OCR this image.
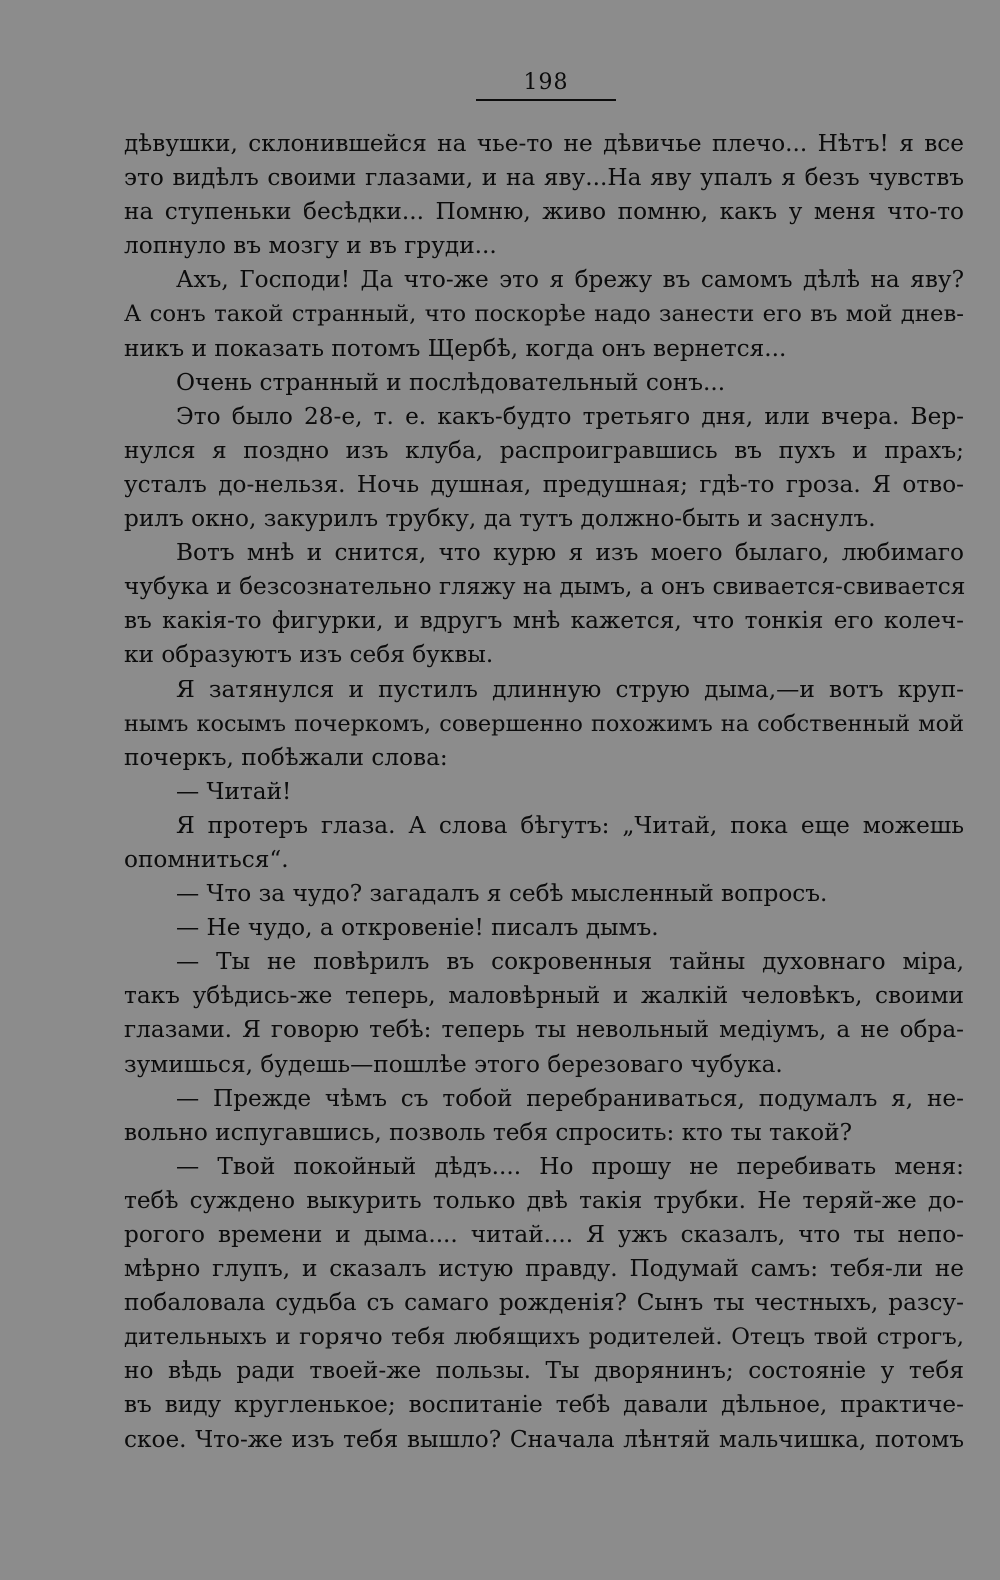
198
дѣвушки, склонившейся на чье-то не дѣвичье плечо... Нѣтъ! я все
это видѣлъ своими глазами, и на яву...На яву упалъ я безъ чувствъ
на ступеньки бесѣдки... Помню, живо помню, какъ у меня что-то
лопнуло въ мозгу и въ груди...
Ахъ, Господи! Да что-же это я брежу въ самомъ дѣлѣ на яву?
А сонъ такой странный, что поскорѣе надо занести его въ мой днев-
никъ и показать потомъ Щербѣ, когда онъ вернется...
Очень странный и послѣдовательный сонъ...
Это было 28-е, т. е. какъ-будто третьяго дня, или вчера. Вер-
нулся я поздно изъ клуба, распроигравшись въ пухъ и прахъ;
усталъ до-нельзя. Ночь душная, предушная; гдѣ-то гроза. Я отво-
рилъ окно, закурилъ трубку, да тутъ должно-быть и заснулъ.
Вотъ мнѣ и снится, что курю я изъ моего былаго, любимаго
чубука и безсознательно гляжу на дымъ, а онъ свивается-свивается
въ какія-то фигурки, и вдругъ мнѣ кажется, что тонкія его колеч-
ки образуютъ изъ себя буквы.
Я затянулся и пустилъ длинную струю дыма,—и вотъ круп-
нымъ косымъ почеркомъ, совершенно похожимъ на собственный мой
почеркъ, побѣжали слова:
— Читай!
Я протеръ глаза. А слова бѣгутъ: „Читай, пока еще можешь
опомниться“.
— Что за чудо? загадалъ я себѣ мысленный вопросъ.
— Не чудо, а откровеніе! писалъ дымъ.
— Ты не повѣрилъ въ сокровенныя тайны духовнаго міра,
такъ убѣдись-же теперь, маловѣрный и жалкій человѣкъ, своими
глазами. Я говорю тебѣ: теперь ты невольный медіумъ, а не обра-
зумишься, будешь—пошлѣе этого березоваго чубука.
— Прежде чѣмъ съ тобой перебраниваться, подумалъ я, не-
вольно испугавшись, позволь тебя спросить: кто ты такой?
— Твой покойный дѣдъ.... Но прошу не перебивать меня:
тебѣ суждено выкурить только двѣ такія трубки. Не теряй-же до-
рогого времени и дыма.... читай.... Я ужъ сказалъ, что ты непо-
мѣрно глупъ, и сказалъ истую правду. Подумай самъ: тебя-ли не
побаловала судьба съ самаго рожденія? Сынъ ты честныхъ, разсу-
дительныхъ и горячо тебя любящихъ родителей. Отецъ твой строгъ,
но вѣдь ради твоей-же пользы. Ты дворянинъ; состояніе у тебя
въ виду кругленькое; воспитаніе тебѣ давали дѣльное, практиче-
ское. Что-же изъ тебя вышло? Сначала лѣнтяй мальчишка, потомъ
